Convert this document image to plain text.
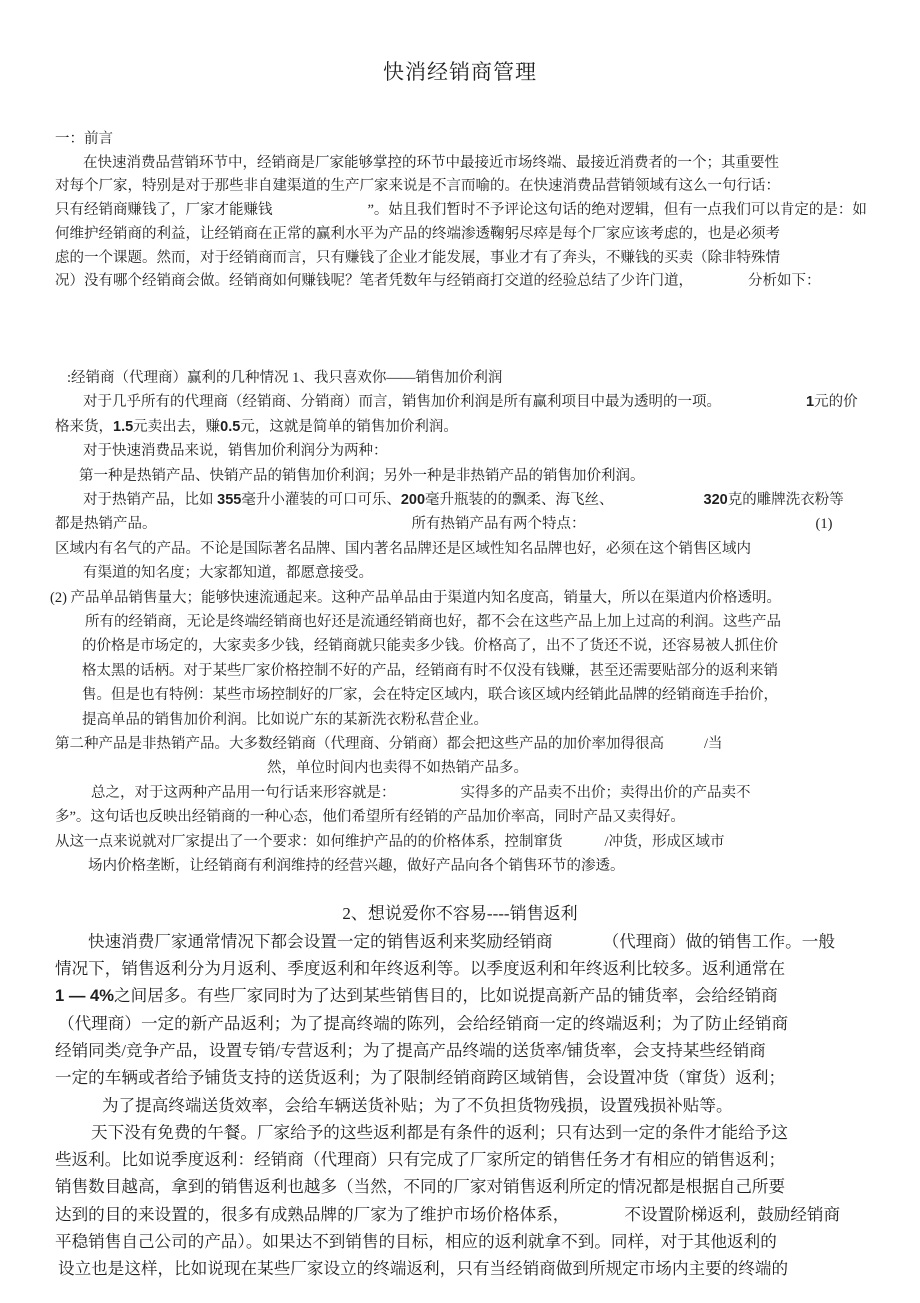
快消经销商管理
一：前言
在快速消费品营销环节中，经销商是厂家能够掌控的环节中最接近市场终端、最接近消费者的一个；其重要性
对每个厂家，特别是对于那些非自建渠道的生产厂家来说是不言而喻的。在快速消费品营销领域有这么一句行话：
只有经销商赚钱了，厂家才能赚钱	”。姑且我们暂时不予评论这句话的绝对逻辑，但有一点我们可以肯定的是：如
何维护经销商的利益，让经销商在正常的赢利水平为产品的终端渗透鞠躬尽瘁是每个厂家应该考虑的，也是必须考
虑的一个课题。然而，对于经销商而言，只有赚钱了企业才能发展，事业才有了奔头，不赚钱的买卖（除非特殊情
况）没有哪个经销商会做。经销商如何赚钱呢？笔者凭数年与经销商打交道的经验总结了少许门道，	分析如下：
:经销商（代理商）赢利的几种情况 1、我只喜欢你——销售加价利润
对于几乎所有的代理商（经销商、分销商）而言，销售加价利润是所有赢利项目中最为透明的一项。	1元的价
格来货，1.5元卖出去，赚0.5元，这就是简单的销售加价利润。
对于快速消费品来说，销售加价利润分为两种：
第一种是热销产品、快销产品的销售加价利润；另外一种是非热销产品的销售加价利润。
对于热销产品，比如 355毫升小灌装的可口可乐、200毫升瓶装的的飘柔、海飞丝、	320克的雕牌洗衣粉等
都是热销产品。	所有热销产品有两个特点：	(1)
区域内有名气的产品。不论是国际著名品牌、国内著名品牌还是区域性知名品牌也好，必须在这个销售区域内
有渠道的知名度；大家都知道，都愿意接受。
(2) 产品单品销售量大；能够快速流通起来。这种产品单品由于渠道内知名度高，销量大，所以在渠道内价格透明。
所有的经销商，无论是终端经销商也好还是流通经销商也好，都不会在这些产品上加上过高的利润。这些产品
的价格是市场定的，大家卖多少钱，经销商就只能卖多少钱。价格高了，出不了货还不说，还容易被人抓住价
格太黑的话柄。对于某些厂家价格控制不好的产品，经销商有时不仅没有钱赚，甚至还需要贴部分的返利来销
售。但是也有特例：某些市场控制好的厂家，会在特定区域内，联合该区域内经销此品牌的经销商连手抬价，
提高单品的销售加价利润。比如说广东的某新洗衣粉私营企业。
第二种产品是非热销产品。大多数经销商（代理商、分销商）都会把这些产品的加价率加得很高	/当
然，单位时间内也卖得不如热销产品多。
总之，对于这两种产品用一句行话来形容就是：	实得多的产品卖不出价；卖得出价的产品卖不
多”。这句话也反映出经销商的一种心态，他们希望所有经销的产品加价率高，同时产品又卖得好。
从这一点来说就对厂家提出了一个要求：如何维护产品的的价格体系，控制窜货	/冲货，形成区域市
场内价格垄断，让经销商有利润维持的经营兴趣，做好产品向各个销售环节的渗透。
2、想说爱你不容易----销售返利
快速消费厂家通常情况下都会设置一定的销售返利来奖励经销商	（代理商）做的销售工作。一般
情况下，销售返利分为月返利、季度返利和年终返利等。以季度返利和年终返利比较多。返利通常在
1 — 4%之间居多。有些厂家同时为了达到某些销售目的，比如说提高新产品的铺货率，会给经销商
（代理商）一定的新产品返利；为了提高终端的陈列，会给经销商一定的终端返利；为了防止经销商
经销同类/竞争产品，设置专销/专营返利；为了提高产品终端的送货率/铺货率，会支持某些经销商
一定的车辆或者给予铺货支持的送货返利；为了限制经销商跨区域销售，会设置冲货（窜货）返利；
为了提高终端送货效率，会给车辆送货补贴；为了不负担货物残损，设置残损补贴等。
天下没有免费的午餐。厂家给予的这些返利都是有条件的返利；只有达到一定的条件才能给予这
些返利。比如说季度返利：经销商（代理商）只有完成了厂家所定的销售任务才有相应的销售返利；
销售数目越高，拿到的销售返利也越多（当然，不同的厂家对销售返利所定的情况都是根据自己所要
达到的目的来设置的，很多有成熟品牌的厂家为了维护市场价格体系，	不设置阶梯返利，鼓励经销商
平稳销售自己公司的产品）。如果达不到销售的目标，相应的返利就拿不到。同样，对于其他返利的
设立也是这样，比如说现在某些厂家设立的终端返利，只有当经销商做到所规定市场内主要的终端的
